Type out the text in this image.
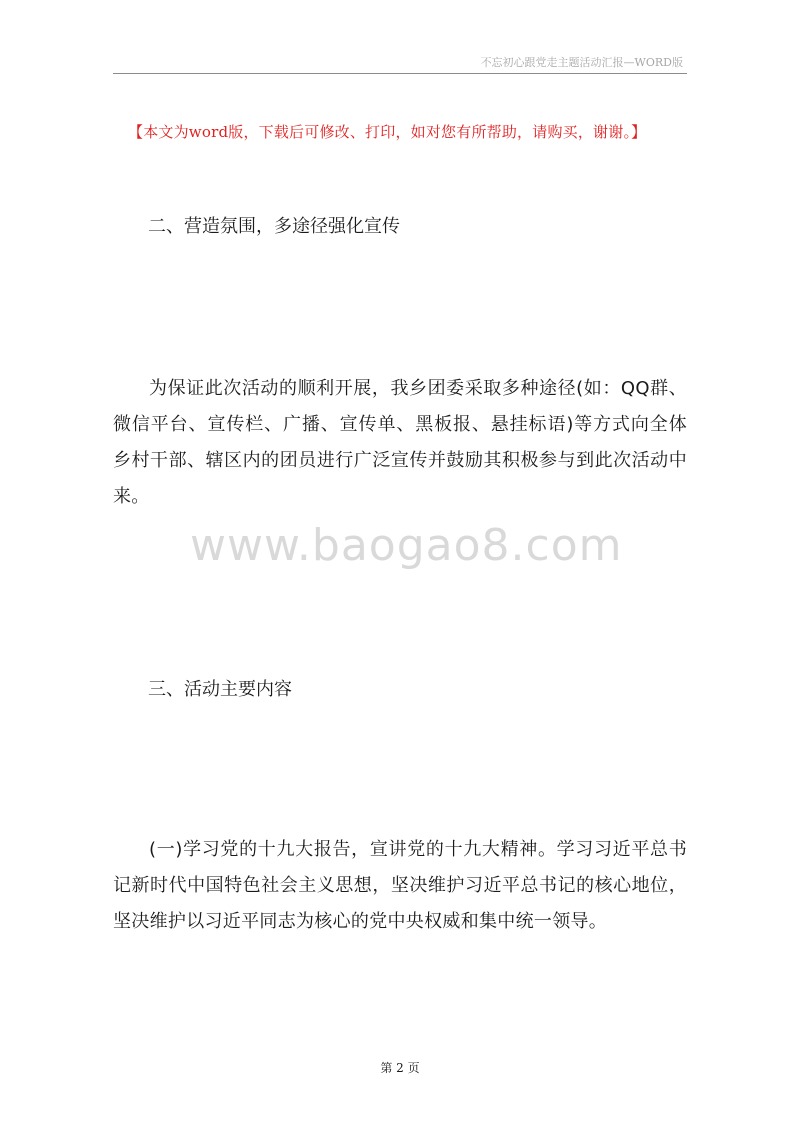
不忘初心跟党走主题活动汇报—WORD版
【本文为word版，下载后可修改、打印，如对您有所帮助，请购买，谢谢。】
二、营造氛围，多途径强化宣传
为保证此次活动的顺利开展，我乡团委采取多种途径(如：QQ群、微信平台、宣传栏、广播、宣传单、黑板报、悬挂标语)等方式向全体乡村干部、辖区内的团员进行广泛宣传并鼓励其积极参与到此次活动中来。
www.baogao8.com
三、活动主要内容
(一)学习党的十九大报告，宣讲党的十九大精神。学习习近平总书记新时代中国特色社会主义思想，坚决维护习近平总书记的核心地位，坚决维护以习近平同志为核心的党中央权威和集中统一领导。
第 2 页
